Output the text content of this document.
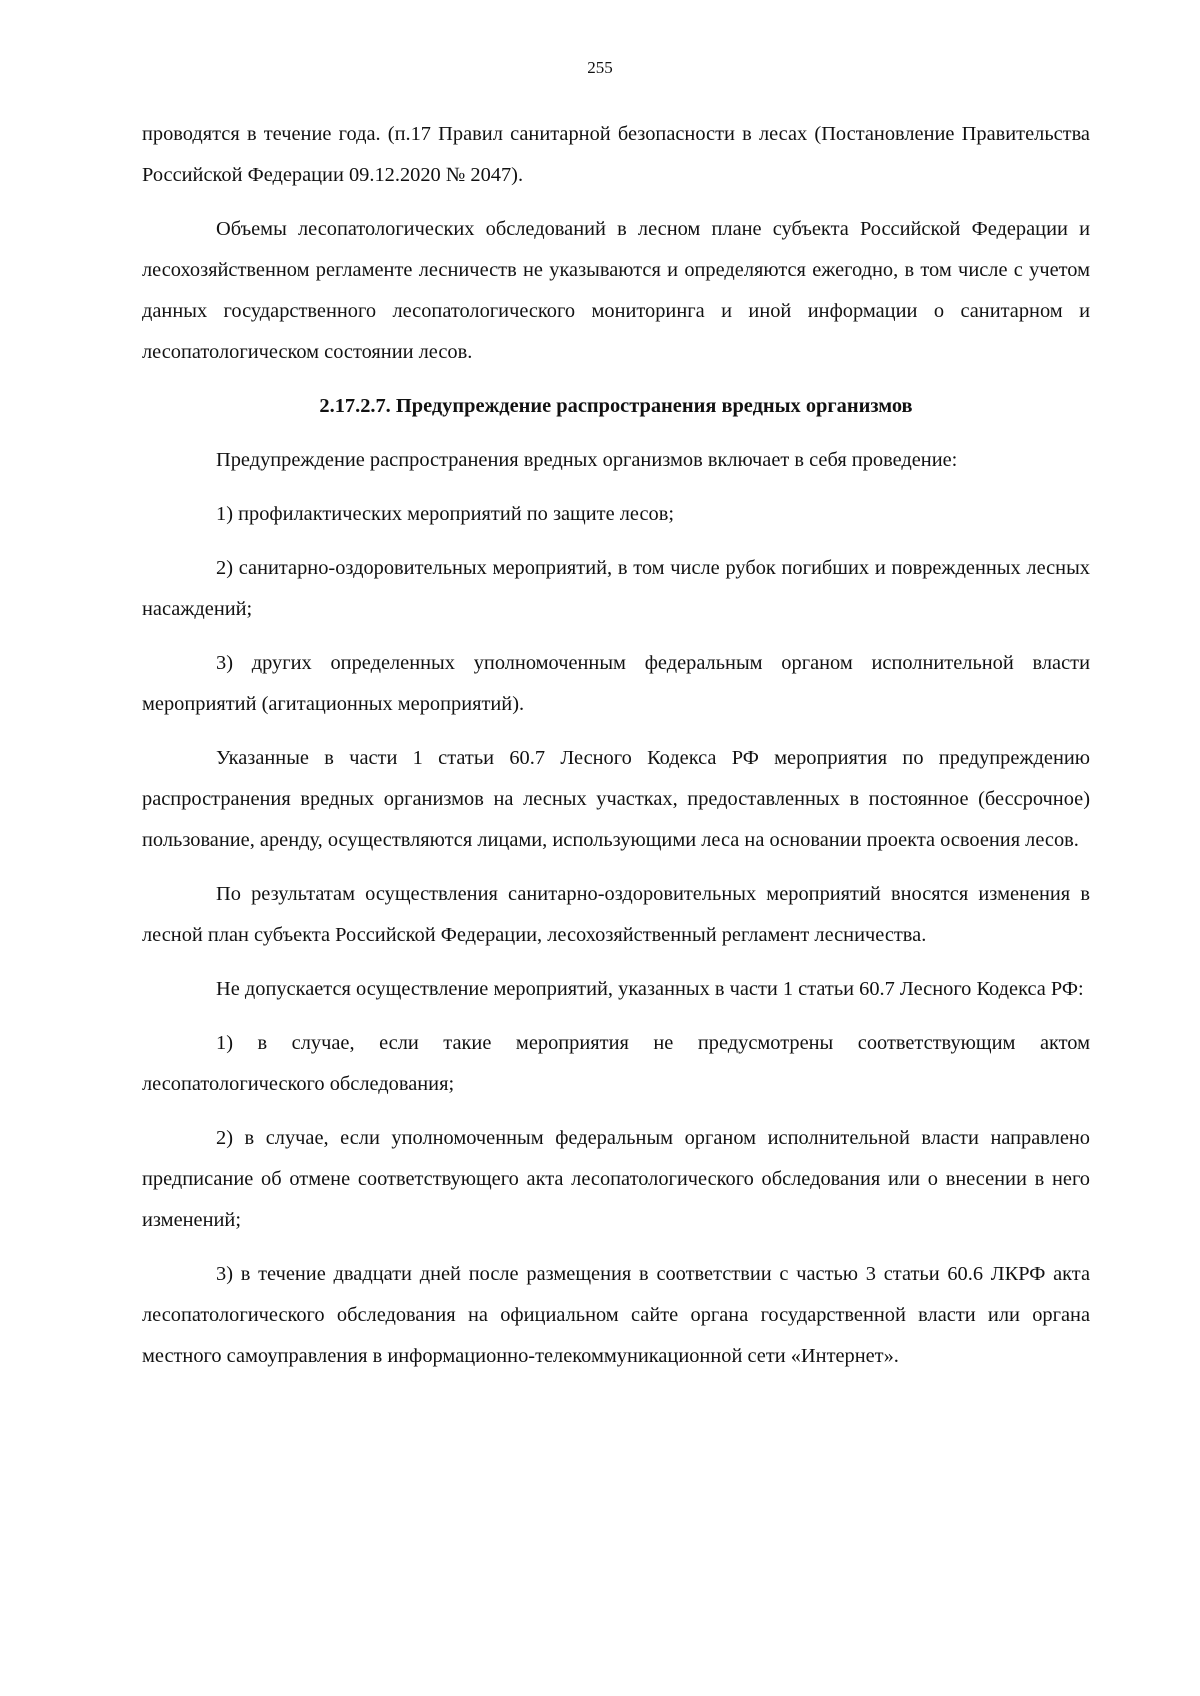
255

проводятся в течение года. (п.17 Правил санитарной безопасности в лесах (Постановление Правительства Российской Федерации 09.12.2020 № 2047).

Объемы лесопатологических обследований в лесном плане субъекта Российской Федерации и лесохозяйственном регламенте лесничеств не указываются и определяются ежегодно, в том числе с учетом данных государственного лесопатологического мониторинга и иной информации о санитарном и лесопатологическом состоянии лесов.

2.17.2.7. Предупреждение распространения вредных организмов

Предупреждение распространения вредных организмов включает в себя проведение:

1) профилактических мероприятий по защите лесов;

2) санитарно-оздоровительных мероприятий, в том числе рубок погибших и поврежденных лесных насаждений;

3) других определенных уполномоченным федеральным органом исполнительной власти мероприятий (агитационных мероприятий).

Указанные в части 1 статьи 60.7 Лесного Кодекса РФ мероприятия по предупреждению распространения вредных организмов на лесных участках, предоставленных в постоянное (бессрочное) пользование, аренду, осуществляются лицами, использующими леса на основании проекта освоения лесов.

По результатам осуществления санитарно-оздоровительных мероприятий вносятся изменения в лесной план субъекта Российской Федерации, лесохозяйственный регламент лесничества.

Не допускается осуществление мероприятий, указанных в части 1 статьи 60.7 Лесного Кодекса РФ:

1) в случае, если такие мероприятия не предусмотрены соответствующим актом лесопатологического обследования;

2) в случае, если уполномоченным федеральным органом исполнительной власти направлено предписание об отмене соответствующего акта лесопатологического обследования или о внесении в него изменений;

3) в течение двадцати дней после размещения в соответствии с частью 3 статьи 60.6 ЛКРФ акта лесопатологического обследования на официальном сайте органа государственной власти или органа местного самоуправления в информационно-телекоммуникационной сети «Интернет».
